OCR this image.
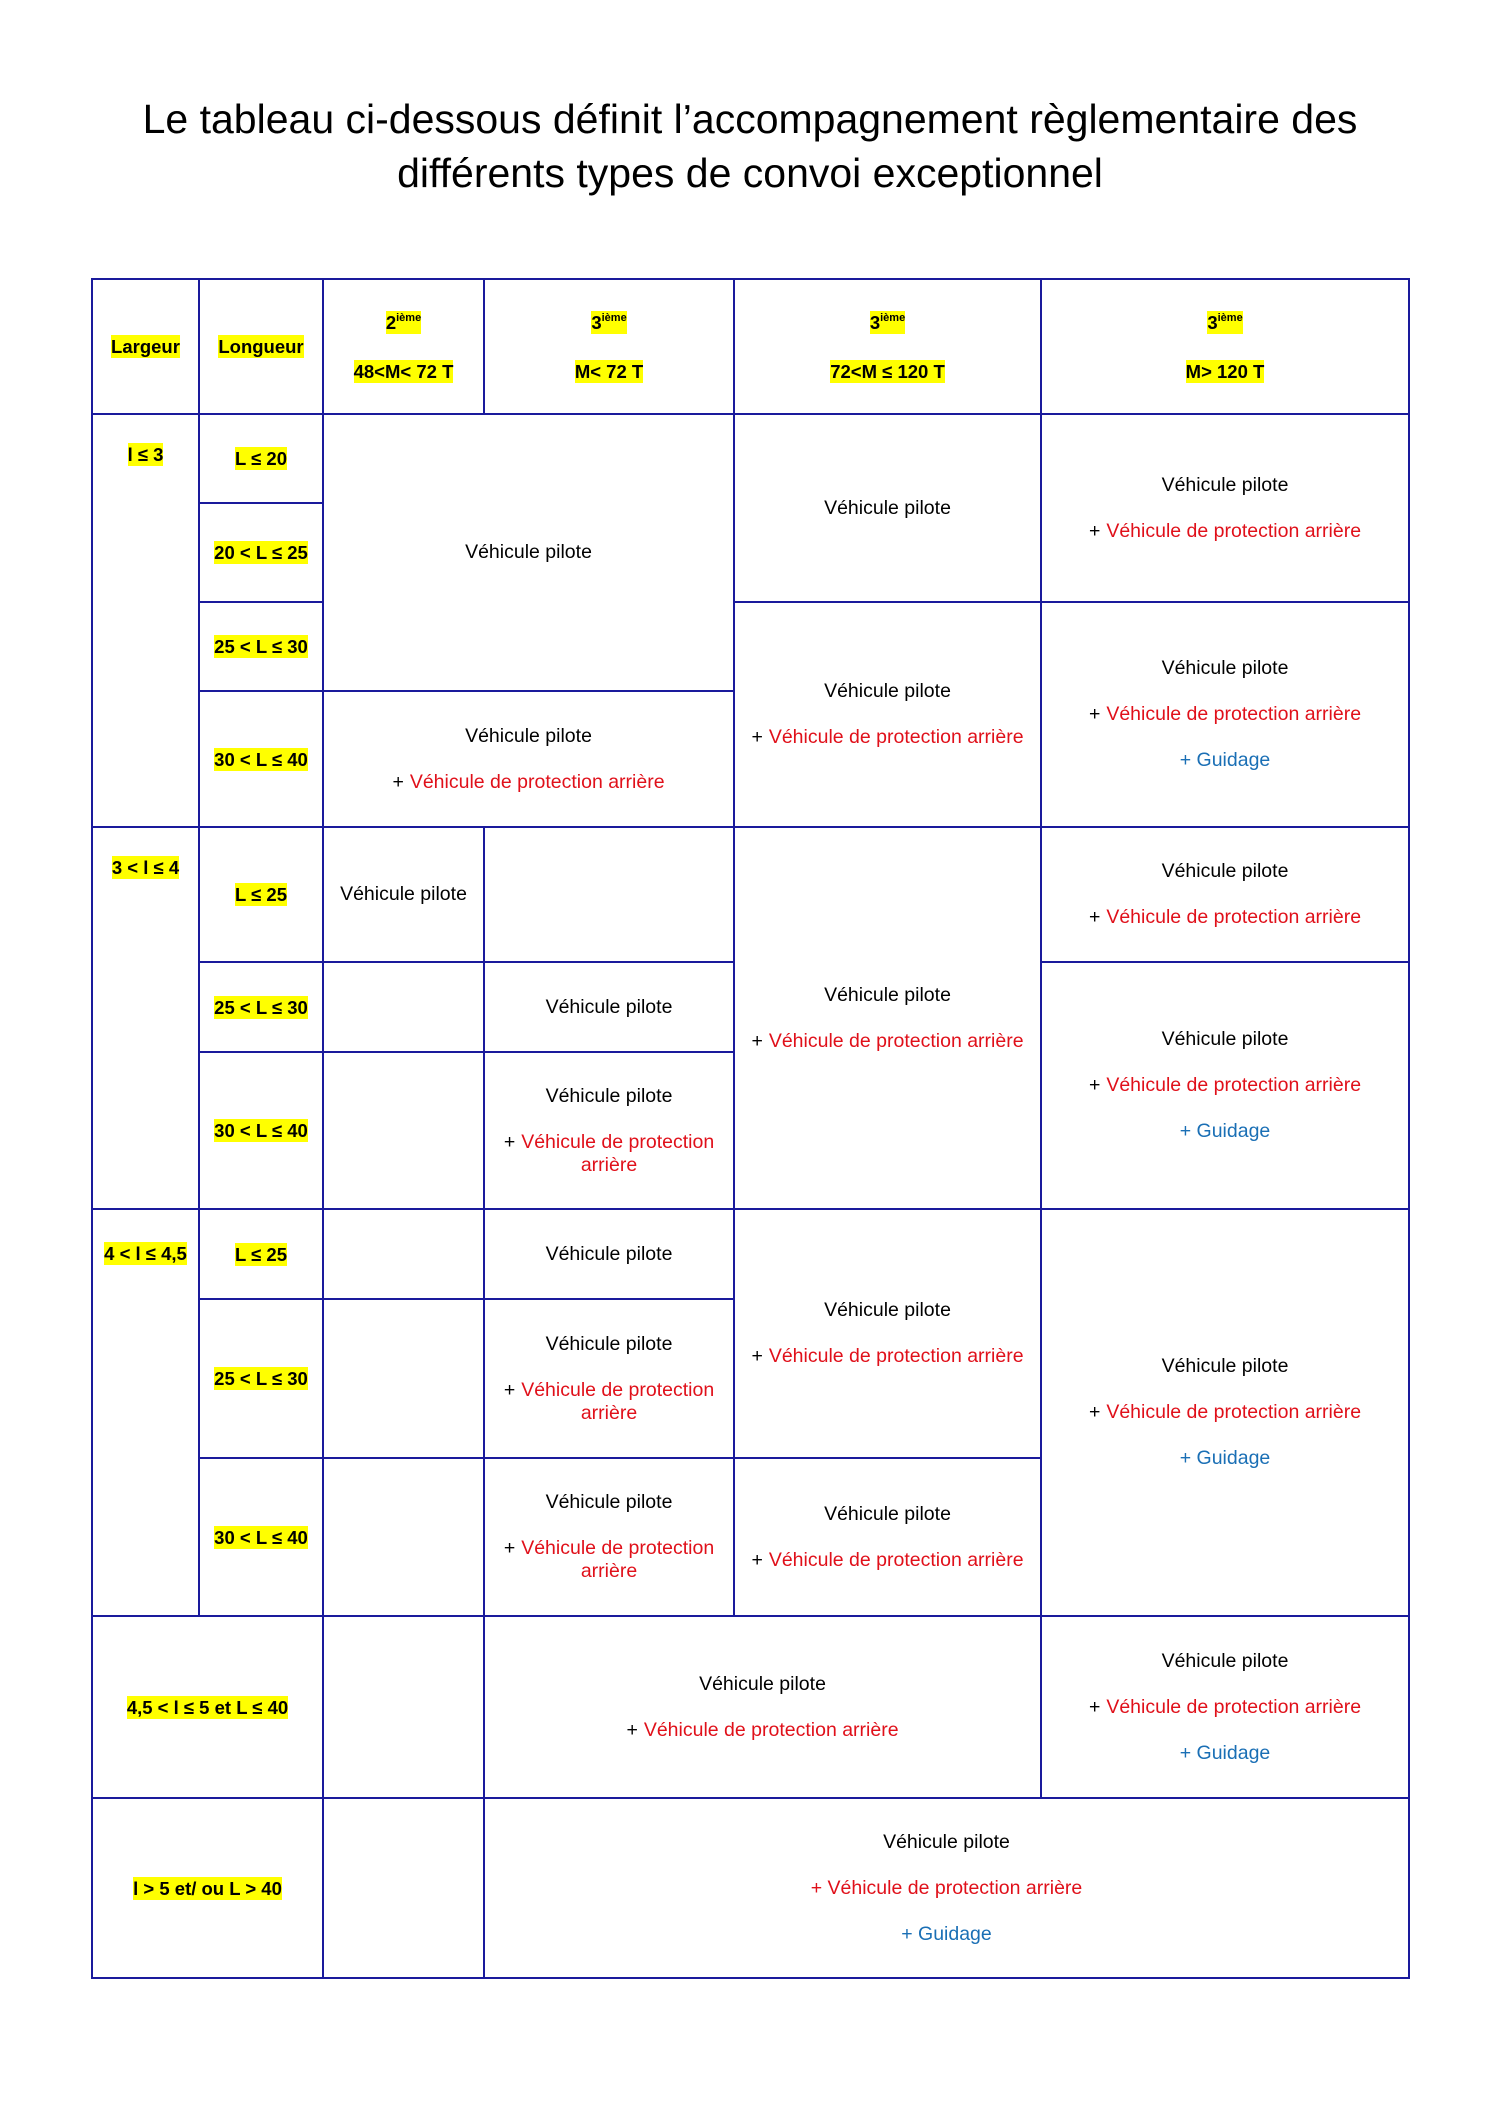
Le tableau ci-dessous définit l’accompagnement règlementaire des différents types de convoi exceptionnel
Largeur Longueur
2ième
48<M< 72 T
3ième
M< 72 T
3ième
72<M ≤ 120 T
3ième
M> 120 T
l ≤ 3	L ≤ 20
20 < L ≤ 25
25 < L ≤ 30
30 < L ≤ 40

Véhicule pilote

Véhicule pilote

Véhicule pilote

+ Véhicule de protection arrière

Véhicule pilote

+ Véhicule de protection arrière

Véhicule pilote

+ Véhicule de protection arrière

+ Guidage

Véhicule pilote

+ Véhicule de protection arrière

3 < l ≤ 4
L ≤ 25
25 < L ≤ 30
30 < L ≤ 40

Véhicule pilote

Véhicule pilote

Véhicule pilote

+ Véhicule de protection arrière

Véhicule pilote

+ Véhicule de protection arrière

Véhicule pilote

+ Véhicule de protection arrière

Véhicule pilote

+ Véhicule de protection arrière

+ Guidage

4 < l ≤ 4,5	L ≤ 25
25 < L ≤ 30
30 < L ≤ 40

Véhicule pilote

Véhicule pilote

+ Véhicule de protection arrière

Véhicule pilote

+ Véhicule de protection arrière

Véhicule pilote

+ Véhicule de protection arrière

Véhicule pilote

+ Véhicule de protection arrière

Véhicule pilote

+ Véhicule de protection arrière

+ Guidage

4,5 < l ≤ 5 et L ≤ 40

Véhicule pilote

+ Véhicule de protection arrière

Véhicule pilote

+ Véhicule de protection arrière

+ Guidage

l > 5 et/ ou L > 40

Véhicule pilote

+ Véhicule de protection arrière

+ Guidage
